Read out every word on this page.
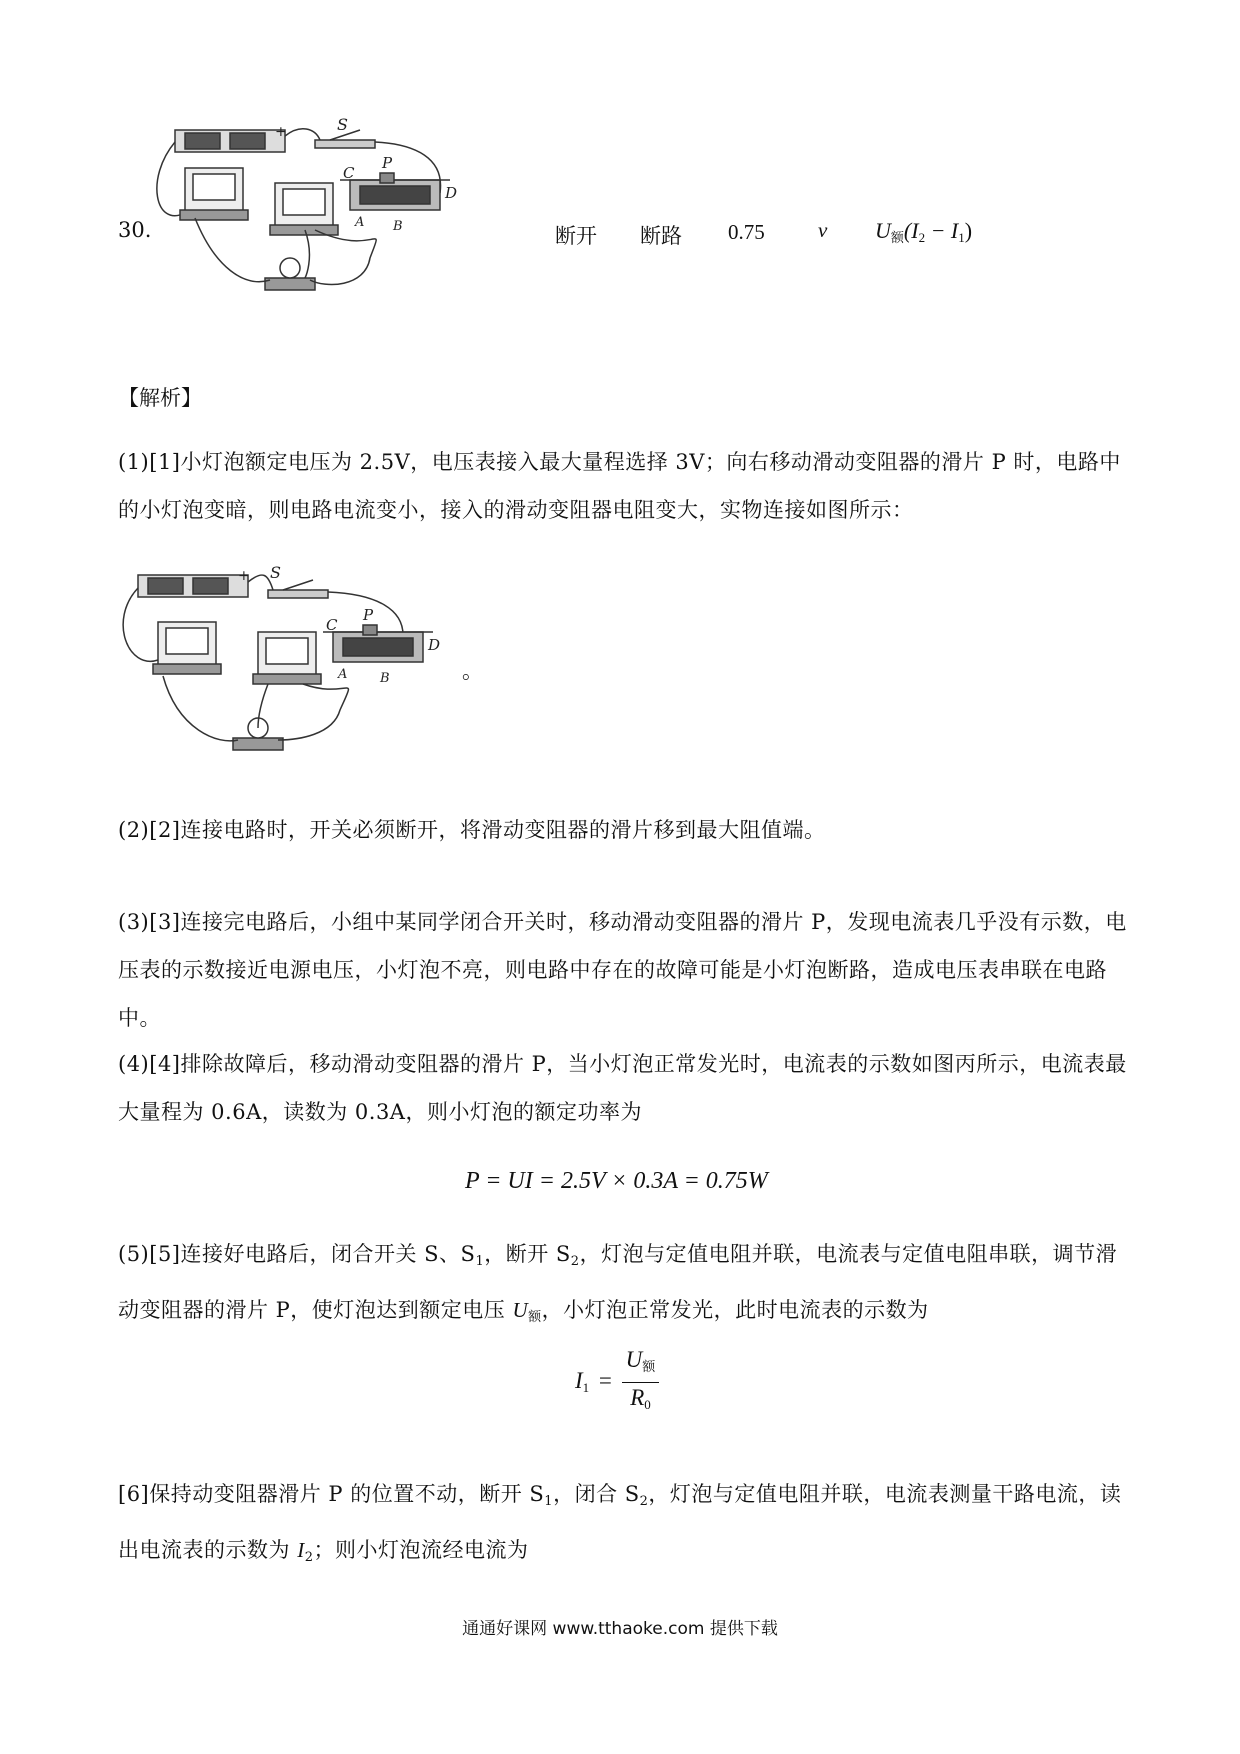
30.
S
C
P
D
A B
+
断开 断路 0.75	v $U_额(I_2 - I_1)$
【解析】
(1)[1]小灯泡额定电压为 2.5V，电压表接入最大量程选择 3V；向右移动滑动变阻器的滑片 P 时，电路中的小灯泡变暗，则电路电流变小，接入的滑动变阻器电阻变大，实物连接如图所示：
S
C
P
D
A	B
+
。
(2)[2]连接电路时，开关必须断开，将滑动变阻器的滑片移到最大阻值端。
(3)[3]连接完电路后，小组中某同学闭合开关时，移动滑动变阻器的滑片 P，发现电流表几乎没有示数，电压表的示数接近电源电压，小灯泡不亮，则电路中存在的故障可能是小灯泡断路，造成电压表串联在电路中。
(4)[4]排除故障后，移动滑动变阻器的滑片 P，当小灯泡正常发光时，电流表的示数如图丙所示，电流表最大量程为 0.6A，读数为 0.3A，则小灯泡的额定功率为
P = UI = 2.5V × 0.3A = 0.75W
(5)[5]连接好电路后，闭合开关 S、$S_1$，断开 $S_2$，灯泡与定值电阻并联，电流表与定值电阻串联，调节滑动变阻器的滑片 P，使灯泡达到额定电压 $U_额$，小灯泡正常发光，此时电流表的示数为
$I_1 = \frac{U_额}{R_0}$
[6]保持动变阻器滑片 P 的位置不动，断开 $S_1$，闭合 $S_2$，灯泡与定值电阻并联，电流表测量干路电流，读出电流表的示数为 $I_2$；则小灯泡流经电流为
通通好课网 www.tthaoke.com 提供下载
